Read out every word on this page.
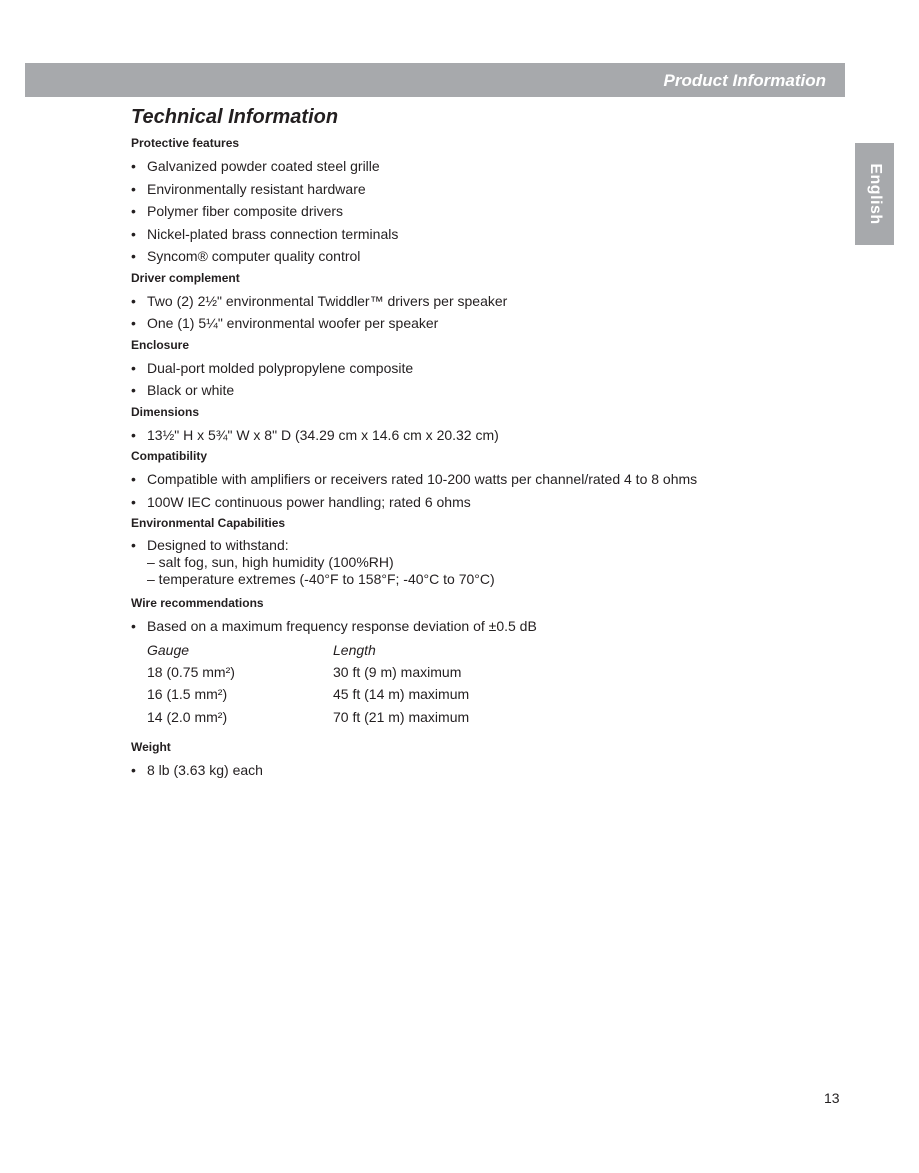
Product Information
English
Technical Information
Protective features
• Galvanized powder coated steel grille
• Environmentally resistant hardware
• Polymer fiber composite drivers
• Nickel-plated brass connection terminals
• Syncom® computer quality control
Driver complement
• Two (2) 2½" environmental Twiddler™ drivers per speaker
• One (1) 5¼" environmental woofer per speaker
Enclosure
• Dual-port molded polypropylene composite
• Black or white
Dimensions
• 13½" H x 5¾" W x 8" D (34.29 cm x 14.6 cm x 20.32 cm)
Compatibility
• Compatible with amplifiers or receivers rated 10-200 watts per channel/rated 4 to 8 ohms
• 100W IEC continuous power handling; rated 6 ohms
Environmental Capabilities
• Designed to withstand:
– salt fog, sun, high humidity (100%RH)
– temperature extremes (-40°F to 158°F; -40°C to 70°C)
Wire recommendations
• Based on a maximum frequency response deviation of ±0.5 dB
Gauge	Length
18 (0.75 mm²)	30 ft (9 m) maximum
16 (1.5 mm²)	45 ft (14 m) maximum
14 (2.0 mm²)	70 ft (21 m) maximum
Weight
• 8 lb (3.63 kg) each
13
